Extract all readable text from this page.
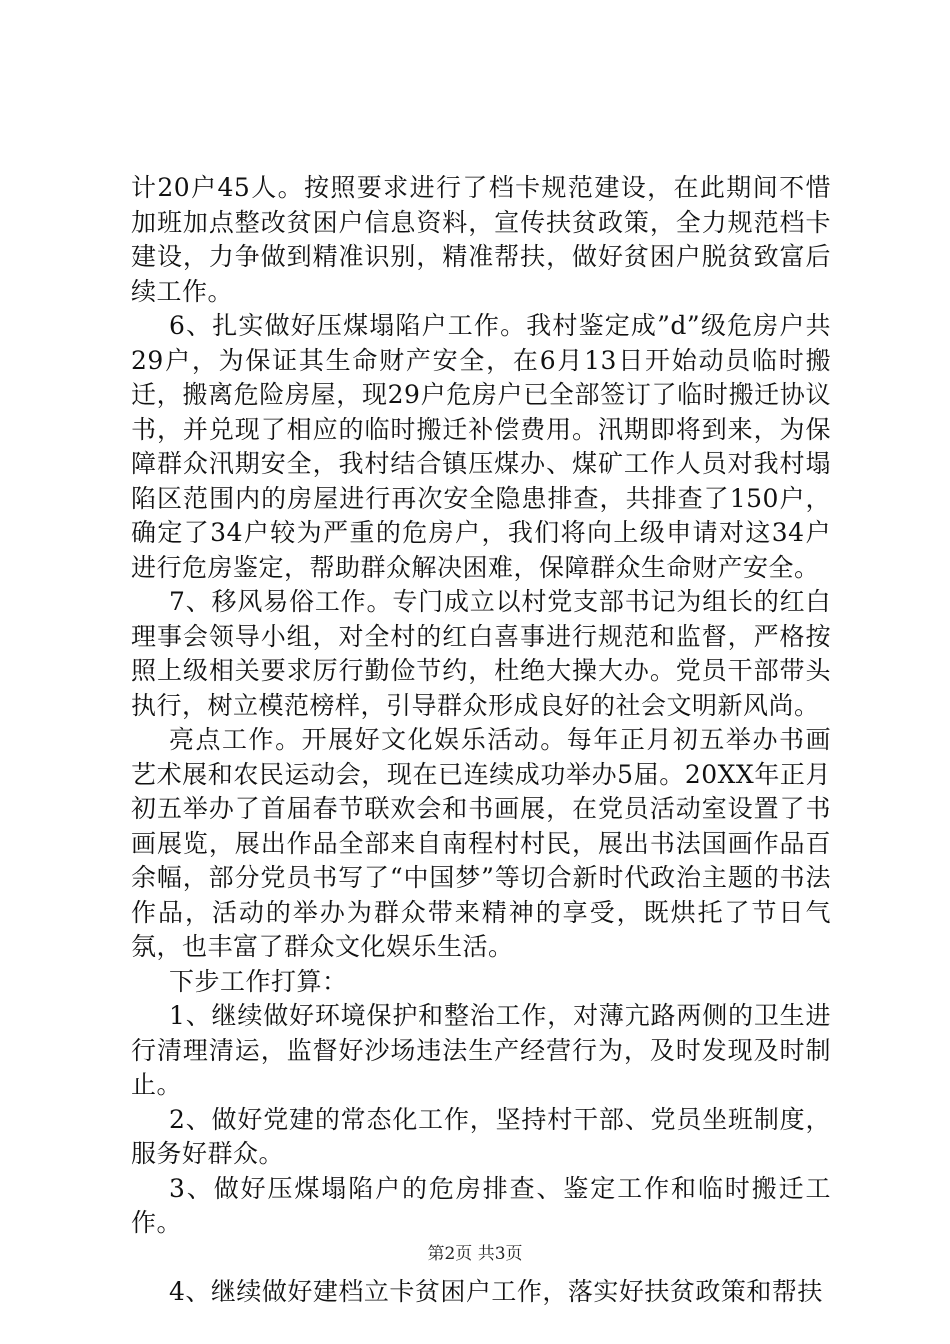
计20户45人。按照要求进行了档卡规范建设，在此期间不惜加班加点整改贫困户信息资料，宣传扶贫政策，全力规范档卡建设，力争做到精准识别，精准帮扶，做好贫困户脱贫致富后续工作。

6、扎实做好压煤塌陷户工作。我村鉴定成”d”级危房户共29户，为保证其生命财产安全，在6月13日开始动员临时搬迁，搬离危险房屋，现29户危房户已全部签订了临时搬迁协议书，并兑现了相应的临时搬迁补偿费用。汛期即将到来，为保障群众汛期安全，我村结合镇压煤办、煤矿工作人员对我村塌陷区范围内的房屋进行再次安全隐患排查，共排查了150户，确定了34户较为严重的危房户，我们将向上级申请对这34户进行危房鉴定，帮助群众解决困难，保障群众生命财产安全。

7、移风易俗工作。专门成立以村党支部书记为组长的红白理事会领导小组，对全村的红白喜事进行规范和监督，严格按照上级相关要求厉行勤俭节约，杜绝大操大办。党员干部带头执行，树立模范榜样，引导群众形成良好的社会文明新风尚。

亮点工作。开展好文化娱乐活动。每年正月初五举办书画艺术展和农民运动会，现在已连续成功举办5届。20XX年正月初五举办了首届春节联欢会和书画展，在党员活动室设置了书画展览，展出作品全部来自南程村村民，展出书法国画作品百余幅，部分党员书写了“中国梦”等切合新时代政治主题的书法作品，活动的举办为群众带来精神的享受，既烘托了节日气氛，也丰富了群众文化娱乐生活。

下步工作打算：

1、继续做好环境保护和整治工作，对薄亢路两侧的卫生进行清理清运，监督好沙场违法生产经营行为，及时发现及时制止。

2、做好党建的常态化工作，坚持村干部、党员坐班制度，服务好群众。

3、做好压煤塌陷户的危房排查、鉴定工作和临时搬迁工作。

4、继续做好建档立卡贫困户工作，落实好扶贫政策和帮扶

第2页 共3页
